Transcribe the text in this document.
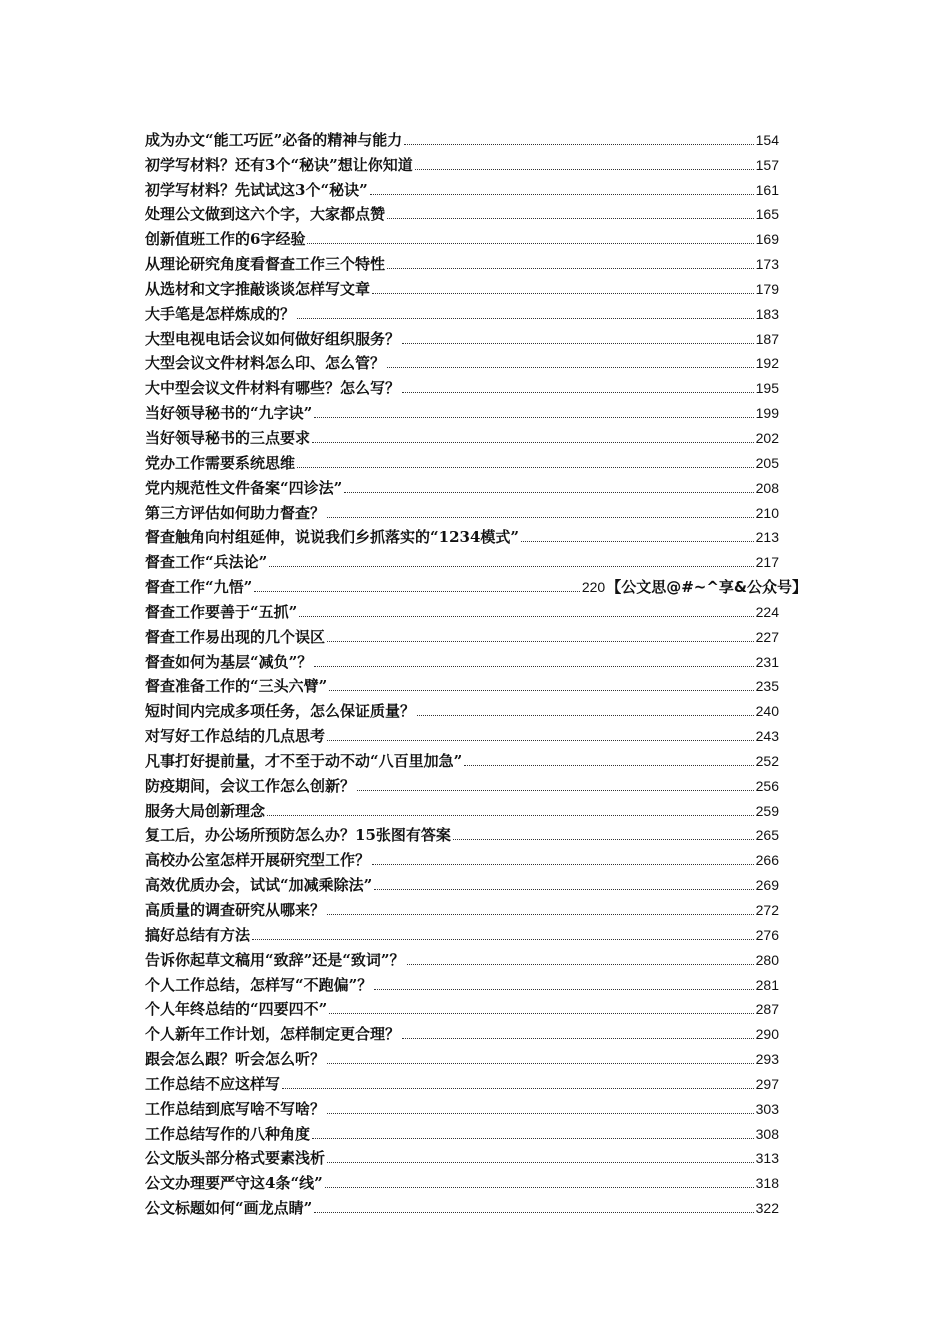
成为办文“能工巧匠”必备的精神与能力	154
初学写材料？还有3个“秘诀”想让你知道	157
初学写材料？先试试这3个“秘诀”	161
处理公文做到这六个字，大家都点赞	165
创新值班工作的6字经验	169
从理论研究角度看督查工作三个特性	173
从选材和文字推敲谈谈怎样写文章	179
大手笔是怎样炼成的？	183
大型电视电话会议如何做好组织服务？	187
大型会议文件材料怎么印、怎么管？	192
大中型会议文件材料有哪些？怎么写？	195
当好领导秘书的“九字诀”	199
当好领导秘书的三点要求	202
党办工作需要系统思维	205
党内规范性文件备案“四诊法”	208
第三方评估如何助力督查？	210
督查触角向村组延伸，说说我们乡抓落实的“1234模式”	213
督查工作“兵法论”	217
督查工作“九悟”	220 【公文思@#~^享&公众号】
督查工作要善于“五抓”	224
督查工作易出现的几个误区	227
督查如何为基层“减负”？	231
督查准备工作的“三头六臂”	235
短时间内完成多项任务，怎么保证质量？	240
对写好工作总结的几点思考	243
凡事打好提前量，才不至于动不动“八百里加急”	252
防疫期间，会议工作怎么创新？	256
服务大局创新理念	259
复工后，办公场所预防怎么办？15张图有答案	265
高校办公室怎样开展研究型工作？	266
高效优质办会，试试“加减乘除法”	269
高质量的调查研究从哪来？	272
搞好总结有方法	276
告诉你起草文稿用“致辞”还是“致词”？	280
个人工作总结，怎样写“不跑偏”？	281
个人年终总结的“四要四不”	287
个人新年工作计划，怎样制定更合理？	290
跟会怎么跟？听会怎么听？	293
工作总结不应这样写	297
工作总结到底写啥不写啥？	303
工作总结写作的八种角度	308
公文版头部分格式要素浅析	313
公文办理要严守这4条“线”	318
公文标题如何“画龙点睛”	322
